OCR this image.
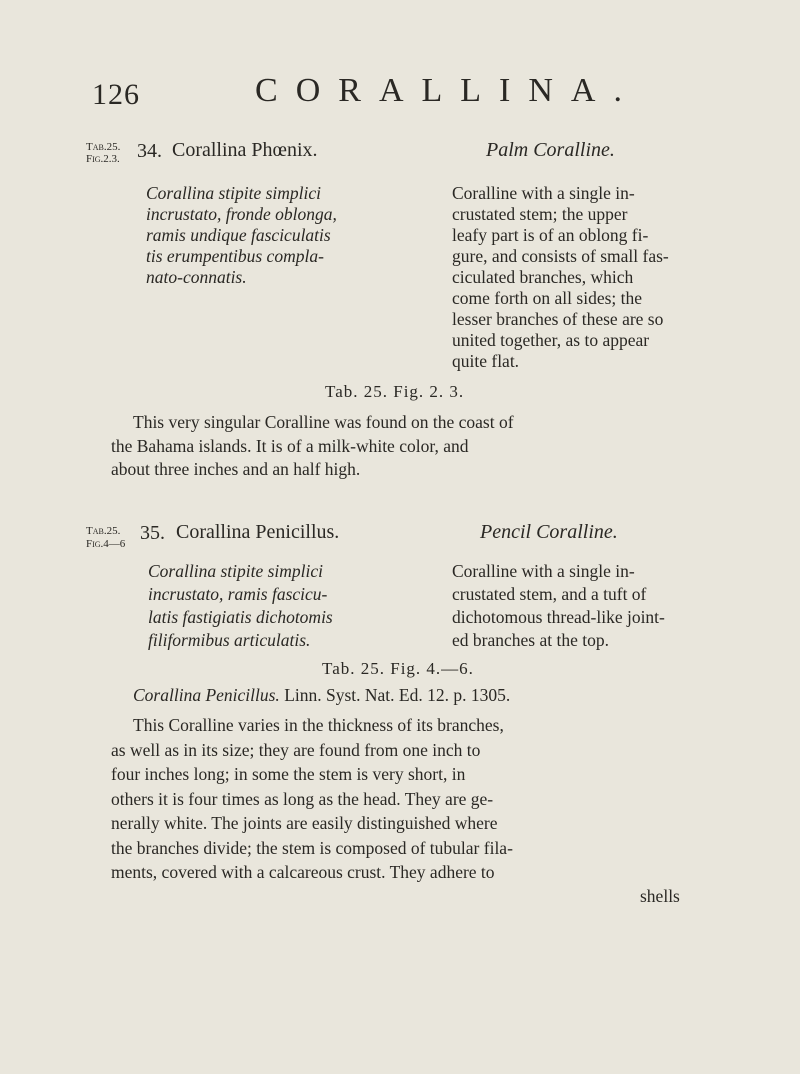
126	CORALLINA.
Tab.25.
Fig.2.3. 34. Corallina Phœnix.	Palm Coralline.
Corallina stipite simplici
incrustato, fronde oblonga,
ramis undique fasciculatis
tis erumpentibus compla-
nato-connatis.
Coralline with a single in-
crustated stem; the upper
leafy part is of an oblong fi-
gure, and consists of small fas-
ciculated branches, which
come forth on all sides; the
lesser branches of these are so
united together, as to appear
quite flat.
Tab. 25. Fig. 2. 3.
This very singular Coralline was found on the coast of
the Bahama islands. It is of a milk-white color, and
about three inches and an half high.
Tab.25.
Fig.4—6 35. Corallina Penicillus.	Pencil Coralline.
Corallina stipite simplici
incrustato, ramis fascicu-
latis fastigiatis dichotomis
filiformibus articulatis.
Coralline with a single in-
crustated stem, and a tuft of
dichotomous thread-like joint-
ed branches at the top.
Tab. 25. Fig. 4.—6.
Corallina Penicillus. Linn. Syst. Nat. Ed. 12. p. 1305.
This Coralline varies in the thickness of its branches,
as well as in its size; they are found from one inch to
four inches long; in some the stem is very short, in
others it is four times as long as the head. They are ge-
nerally white. The joints are easily distinguished where
the branches divide; the stem is composed of tubular fila-
ments, covered with a calcareous crust. They adhere to
shells
